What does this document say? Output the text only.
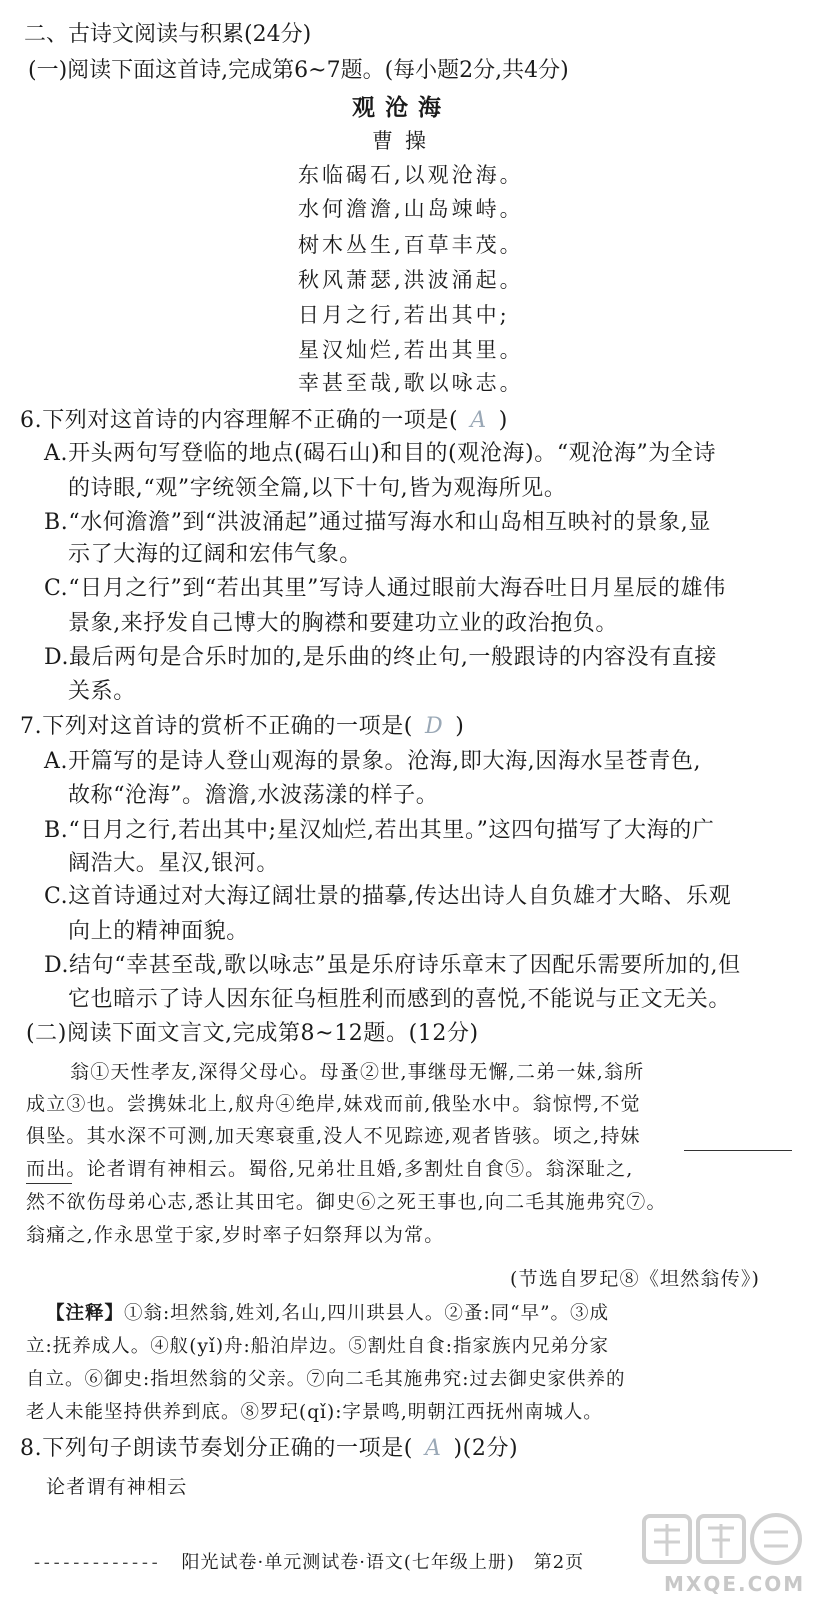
二、古诗文阅读与积累(24分)
(一)阅读下面这首诗,完成第6~7题。(每小题2分,共4分)
观沧海
曹操
东临碣石,以观沧海。
水何澹澹,山岛竦峙。
树木丛生,百草丰茂。
秋风萧瑟,洪波涌起。
日月之行,若出其中;
星汉灿烂,若出其里。
幸甚至哉,歌以咏志。
6.下列对这首诗的内容理解不正确的一项是( A )
A.开头两句写登临的地点(碣石山)和目的(观沧海)。“观沧海”为全诗
的诗眼,“观”字统领全篇,以下十句,皆为观海所见。
B.“水何澹澹”到“洪波涌起”通过描写海水和山岛相互映衬的景象,显
示了大海的辽阔和宏伟气象。
C.“日月之行”到“若出其里”写诗人通过眼前大海吞吐日月星辰的雄伟
景象,来抒发自己博大的胸襟和要建功立业的政治抱负。
D.最后两句是合乐时加的,是乐曲的终止句,一般跟诗的内容没有直接
关系。
7.下列对这首诗的赏析不正确的一项是( D )
A.开篇写的是诗人登山观海的景象。沧海,即大海,因海水呈苍青色,
故称“沧海”。澹澹,水波荡漾的样子。
B.“日月之行,若出其中;星汉灿烂,若出其里。”这四句描写了大海的广
阔浩大。星汉,银河。
C.这首诗通过对大海辽阔壮景的描摹,传达出诗人自负雄才大略、乐观
向上的精神面貌。
D.结句“幸甚至哉,歌以咏志”虽是乐府诗乐章末了因配乐需要所加的,但
它也暗示了诗人因东征乌桓胜利而感到的喜悦,不能说与正文无关。
(二)阅读下面文言文,完成第8~12题。(12分)
翁①天性孝友,深得父母心。母蚤②世,事继母无懈,二弟一妹,翁所
成立③也。尝携妹北上,舣舟④绝岸,妹戏而前,俄坠水中。翁惊愕,不觉
俱坠。其水深不可测,加天寒衰重,没人不见踪迹,观者皆骇。顷之,持妹
而出。论者谓有神相云。蜀俗,兄弟壮且婚,多割灶自食⑤。翁深耻之,
然不欲伤母弟心志,悉让其田宅。御史⑥之死王事也,向二毛其施弗究⑦。
翁痛之,作永思堂于家,岁时率子妇祭拜以为常。
(节选自罗玘⑧《坦然翁传》)
【注释】①翁:坦然翁,姓刘,名山,四川珙县人。②蚤:同“早”。③成
立:抚养成人。④舣(yǐ)舟:船泊岸边。⑤割灶自食:指家族内兄弟分家
自立。⑥御史:指坦然翁的父亲。⑦向二毛其施弗究:过去御史家供养的
老人未能坚持供养到底。⑧罗玘(qǐ):字景鸣,明朝江西抚州南城人。
8.下列句子朗读节奏划分正确的一项是( A )(2分)
论者谓有神相云
- - - - - - - - - - - - - 阳光试卷·单元测试卷·语文(七年级上册) 第2页
MXQE.COM
